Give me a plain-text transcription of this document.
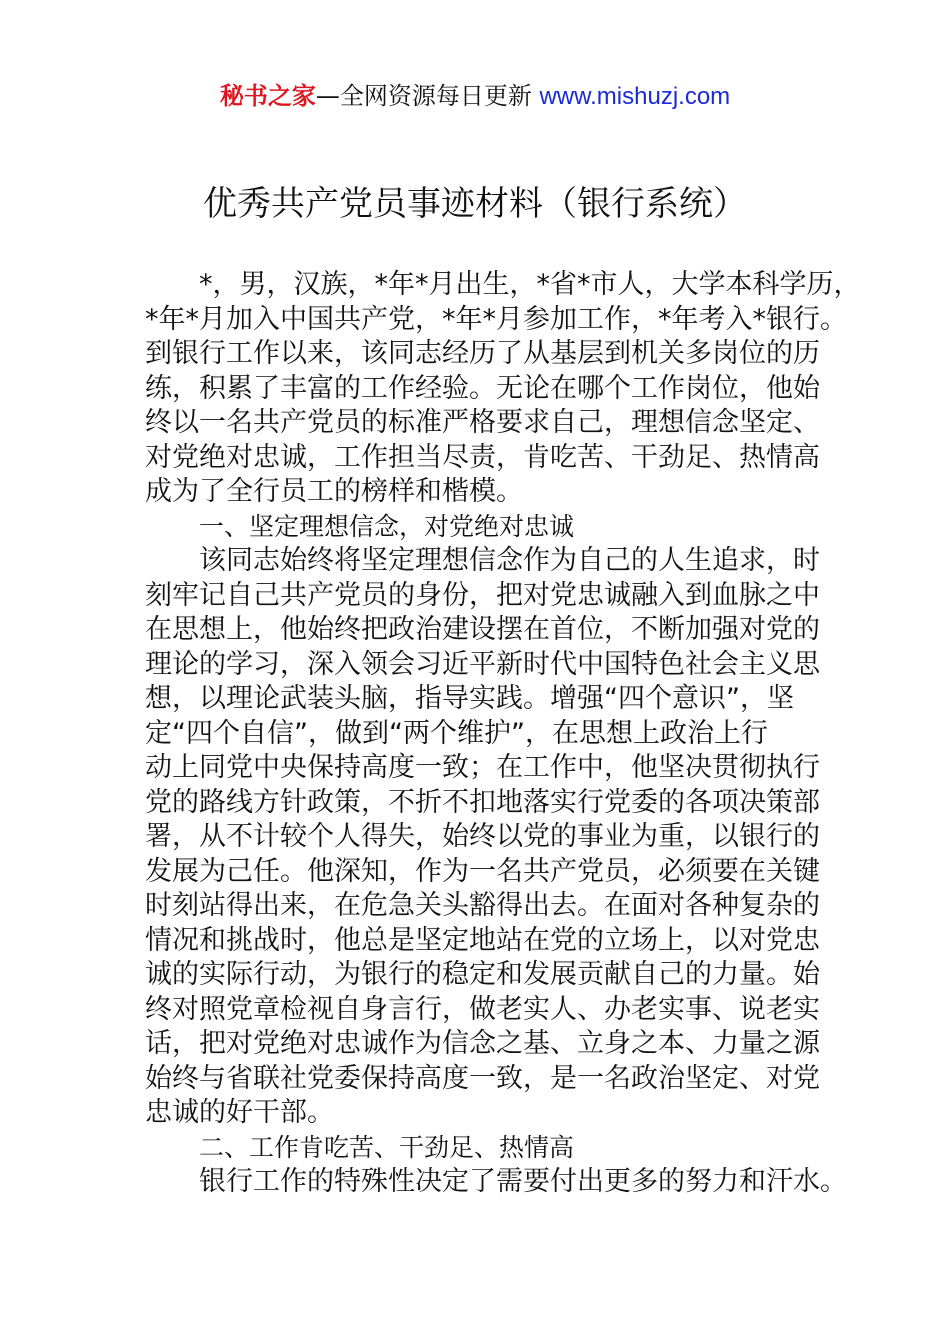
秘书之家—全网资源每日更新 www.mishuzj.com
优秀共产党员事迹材料（银行系统）
*，男，汉族，*年*月出生，*省*市人，大学本科学历，
*年*月加入中国共产党，*年*月参加工作，*年考入*银行。
到银行工作以来，该同志经历了从基层到机关多岗位的历
练，积累了丰富的工作经验。无论在哪个工作岗位，他始
终以一名共产党员的标准严格要求自己，理想信念坚定、
对党绝对忠诚，工作担当尽责，肯吃苦、干劲足、热情高
成为了全行员工的榜样和楷模。
一、坚定理想信念，对党绝对忠诚
该同志始终将坚定理想信念作为自己的人生追求，时
刻牢记自己共产党员的身份，把对党忠诚融入到血脉之中
在思想上，他始终把政治建设摆在首位，不断加强对党的
理论的学习，深入领会习近平新时代中国特色社会主义思
想，以理论武装头脑，指导实践。增强“四个意识”，坚
定“四个自信”，做到“两个维护”，在思想上政治上行
动上同党中央保持高度一致；在工作中，他坚决贯彻执行
党的路线方针政策，不折不扣地落实行党委的各项决策部
署，从不计较个人得失，始终以党的事业为重，以银行的
发展为己任。他深知，作为一名共产党员，必须要在关键
时刻站得出来，在危急关头豁得出去。在面对各种复杂的
情况和挑战时，他总是坚定地站在党的立场上，以对党忠
诚的实际行动，为银行的稳定和发展贡献自己的力量。始
终对照党章检视自身言行，做老实人、办老实事、说老实
话，把对党绝对忠诚作为信念之基、立身之本、力量之源
始终与省联社党委保持高度一致，是一名政治坚定、对党
忠诚的好干部。
二、工作肯吃苦、干劲足、热情高
银行工作的特殊性决定了需要付出更多的努力和汗水。
